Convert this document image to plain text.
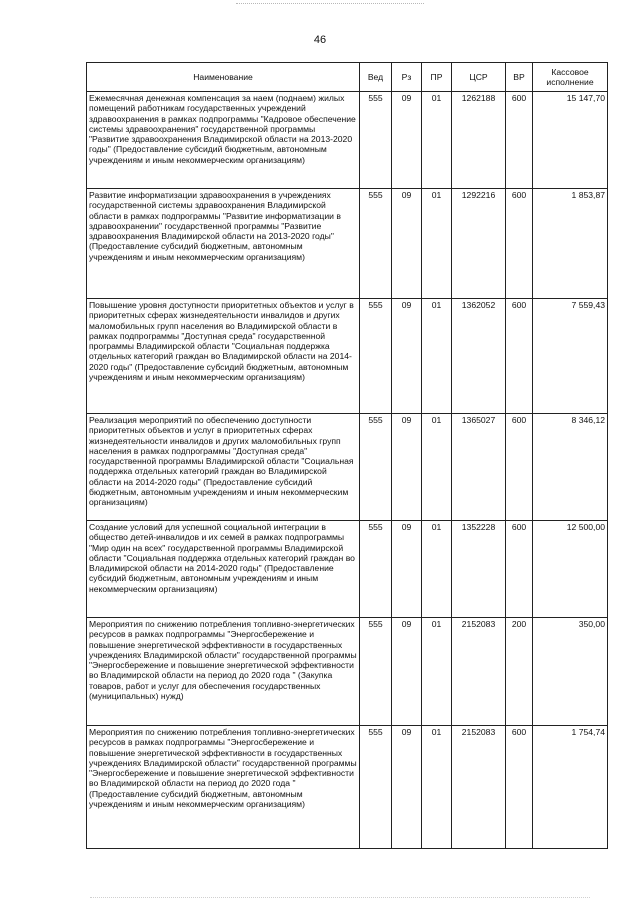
46
Наименование	Вед	Рз	ПР	ЦСР	ВР	Кассовое исполнение
Ежемесячная денежная компенсация за наем (поднаем) жилых помещений работникам государственных учреждений здравоохранения в рамках подпрограммы "Кадровое обеспечение системы здравоохранения" государственной программы "Развитие здравоохранения Владимирской области на 2013-2020 годы" (Предоставление субсидий бюджетным, автономным учреждениям и иным некоммерческим организациям)	555	09	01	1262188	600	15 147,70
Развитие информатизации здравоохранения в учреждениях государственной системы здравоохранения Владимирской области в рамках подпрограммы "Развитие информатизации в здравоохранении" государственной программы "Развитие здравоохранения Владимирской области на 2013-2020 годы" (Предоставление субсидий бюджетным, автономным учреждениям и иным некоммерческим организациям)	555	09	01	1292216	600	1 853,87
Повышение уровня доступности приоритетных объектов и услуг в приоритетных сферах жизнедеятельности инвалидов и других маломобильных групп населения во Владимирской области в рамках подпрограммы "Доступная среда" государственной программы Владимирской области "Социальная поддержка отдельных категорий граждан во Владимирской области на 2014-2020 годы" (Предоставление субсидий бюджетным, автономным учреждениям и иным некоммерческим организациям)	555	09	01	1362052	600	7 559,43
Реализация мероприятий по обеспечению доступности приоритетных объектов и услуг в приоритетных сферах жизнедеятельности инвалидов и других маломобильных групп населения в рамках подпрограммы "Доступная среда" государственной программы Владимирской области "Социальная поддержка отдельных категорий граждан во Владимирской области на 2014-2020 годы" (Предоставление субсидий бюджетным, автономным учреждениям и иным некоммерческим организациям)	555	09	01	1365027	600	8 346,12
Создание условий для успешной социальной интеграции в общество детей-инвалидов и их семей в рамках подпрограммы "Мир один на всех" государственной программы Владимирской области "Социальная поддержка отдельных категорий граждан во Владимирской области на 2014-2020 годы" (Предоставление субсидий бюджетным, автономным учреждениям и иным некоммерческим организациям)	555	09	01	1352228	600	12 500,00
Мероприятия по снижению потребления топливно-энергетических ресурсов в рамках подпрограммы "Энергосбережение и повышение энергетической эффективности в государственных учреждениях Владимирской области" государственной программы "Энергосбережение и повышение энергетической эффективности во Владимирской области на период до 2020 года " (Закупка товаров, работ и услуг для обеспечения государственных (муниципальных) нужд)	555	09	01	2152083	200	350,00
Мероприятия по снижению потребления топливно-энергетических ресурсов в рамках подпрограммы "Энергосбережение и повышение энергетической эффективности в государственных учреждениях Владимирской области" государственной программы "Энергосбережение и повышение энергетической эффективности во Владимирской области на период до 2020 года " (Предоставление субсидий бюджетным, автономным учреждениям и иным некоммерческим организациям)	555	09	01	2152083	600	1 754,74
